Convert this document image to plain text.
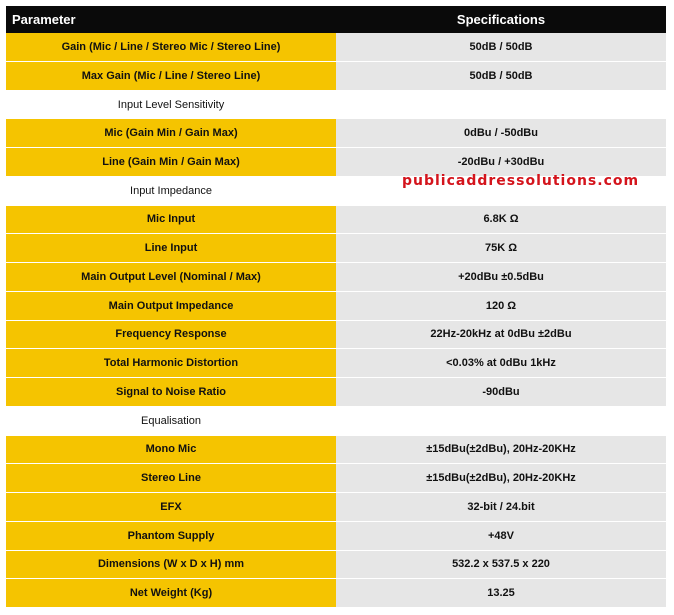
Parameter	Specifications
Gain (Mic / Line / Stereo Mic / Stereo Line)	50dB / 50dB
Max Gain (Mic / Line / Stereo Line)	50dB / 50dB
Input Level Sensitivity
Mic (Gain Min / Gain Max)	0dBu / -50dBu
Line (Gain Min / Gain Max)	-20dBu / +30dBu
Input Impedance
Mic Input	6.8K Ω
Line Input	75K Ω
Main Output Level (Nominal / Max)	+20dBu ±0.5dBu
Main Output Impedance	120 Ω
Frequency Response	22Hz-20kHz at 0dBu ±2dBu
Total Harmonic Distortion	<0.03% at 0dBu 1kHz
Signal to Noise Ratio	-90dBu
Equalisation
Mono Mic	±15dBu(±2dBu), 20Hz-20KHz
Stereo Line	±15dBu(±2dBu), 20Hz-20KHz
EFX	32-bit / 24.bit
Phantom Supply	+48V
Dimensions (W x D x H) mm	532.2 x 537.5 x 220
Net Weight (Kg)	13.25
publicaddressolutions.com
